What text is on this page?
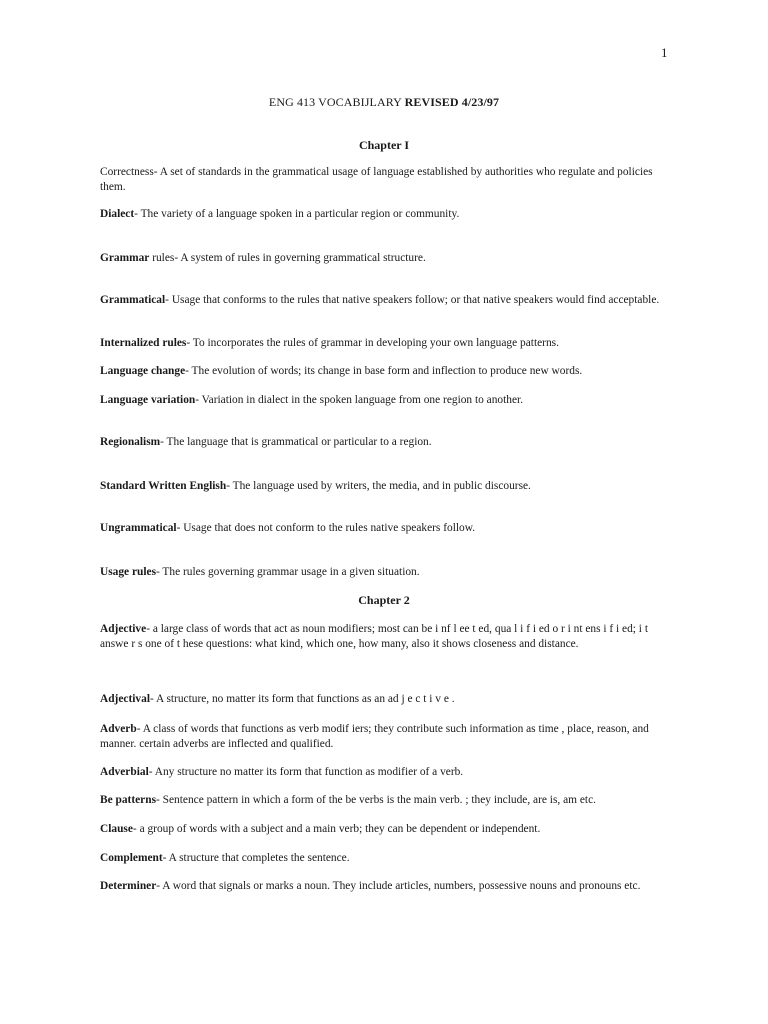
1
ENG 413 VOCABIJLARY REVISED 4/23/97
Chapter I
Correctness- A set of standards in the grammatical usage of language established by authorities who regulate and policies them.
Dialect- The variety of a language spoken in a particular region or community.
Grammar rules- A system of rules in governing grammatical structure.
Grammatical- Usage that conforms to the rules that native speakers follow; or that native speakers would find acceptable.
Internalized rules- To incorporates the rules of grammar in developing your own language patterns.
Language change- The evolution of words; its change in base form and inflection to produce new words.
Language variation- Variation in dialect in the spoken language from one region to another.
Regionalism- The language that is grammatical or particular to a region.
Standard Written English- The language used by writers, the media, and in public discourse.
Ungrammatical- Usage that does not conform to the rules native speakers follow.
Usage rules- The rules governing grammar usage in a given situation.
Chapter 2
Adjective- a large class of words that act as noun modifiers; most can be i nf l ee t ed, qua l i f i ed o r i nt ens i f i ed; i t answe r s one of t hese questions: what kind, which one, how many, also it shows closeness and distance.
Adjectival- A structure, no matter its form that functions as an ad j e c t i v e .
Adverb- A class of words that functions as verb modif iers; they contribute such information as time , place, reason, and manner. certain adverbs are inflected and qualified.
Adverbial- Any structure no matter its form that function as modifier of a verb.
Be patterns- Sentence pattern in which a form of the be verbs is the main verb. ; they include, are is, am etc.
Clause- a group of words with a subject and a main verb; they can be dependent or independent.
Complement- A structure that completes the sentence.
Determiner- A word that signals or marks a noun. They include articles, numbers, possessive nouns and pronouns etc.
